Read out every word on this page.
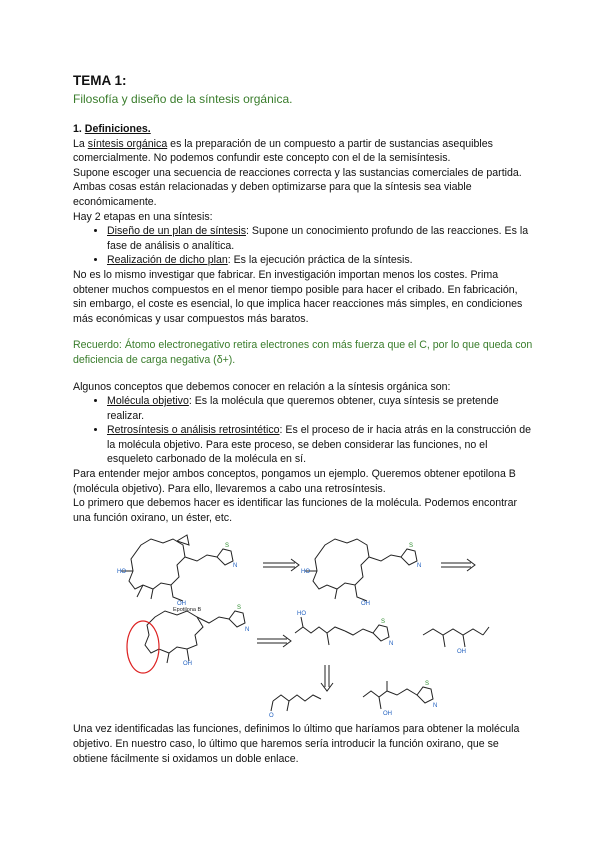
TEMA 1:
Filosofía y diseño de la síntesis orgánica.
1. Definiciones.

La síntesis orgánica es la preparación de un compuesto a partir de sustancias asequibles comercialmente. No podemos confundir este concepto con el de la semisíntesis.

Supone escoger una secuencia de reacciones correcta y las sustancias comerciales de partida. Ambas cosas están relacionadas y deben optimizarse para que la síntesis sea viable económicamente.

Hay 2 etapas en una síntesis:

• Diseño de un plan de síntesis: Supone un conocimiento profundo de las reacciones. Es la fase de análisis o analítica.
• Realización de dicho plan: Es la ejecución práctica de la síntesis.

No es lo mismo investigar que fabricar. En investigación importan menos los costes. Prima obtener muchos compuestos en el menor tiempo posible para hacer el cribado. En fabricación, sin embargo, el coste es esencial, lo que implica hacer reacciones más simples, en condiciones más económicas y usar compuestos más baratos.

Recuerdo: Átomo electronegativo retira electrones con más fuerza que el C, por lo que queda con deficiencia de carga negativa (δ+).

Algunos conceptos que debemos conocer en relación a la síntesis orgánica son:

• Molécula objetivo: Es la molécula que queremos obtener, cuya síntesis se pretende realizar.
• Retrosíntesis o análisis retrosintético: Es el proceso de ir hacia atrás en la construcción de la molécula objetivo. Para este proceso, se deben considerar las funciones, no el esqueleto carbonado de la molécula en sí.

Para entender mejor ambos conceptos, pongamos un ejemplo. Queremos obtener epotilona B (molécula objetivo). Para ello, llevaremos a cabo una retrosíntesis.

Lo primero que debemos hacer es identificar las funciones de la molécula. Podemos encontrar una función oxirano, un éster, etc.

HO	HO
OH	OH
OH
OH
HO
O	OH
S	S
S
S
S
N	N
N
N
N
Epotilona B

Una vez identificadas las funciones, definimos lo último que haríamos para obtener la molécula objetivo. En nuestro caso, lo último que haremos sería introducir la función oxirano, que se obtiene fácilmente si oxidamos un doble enlace.
